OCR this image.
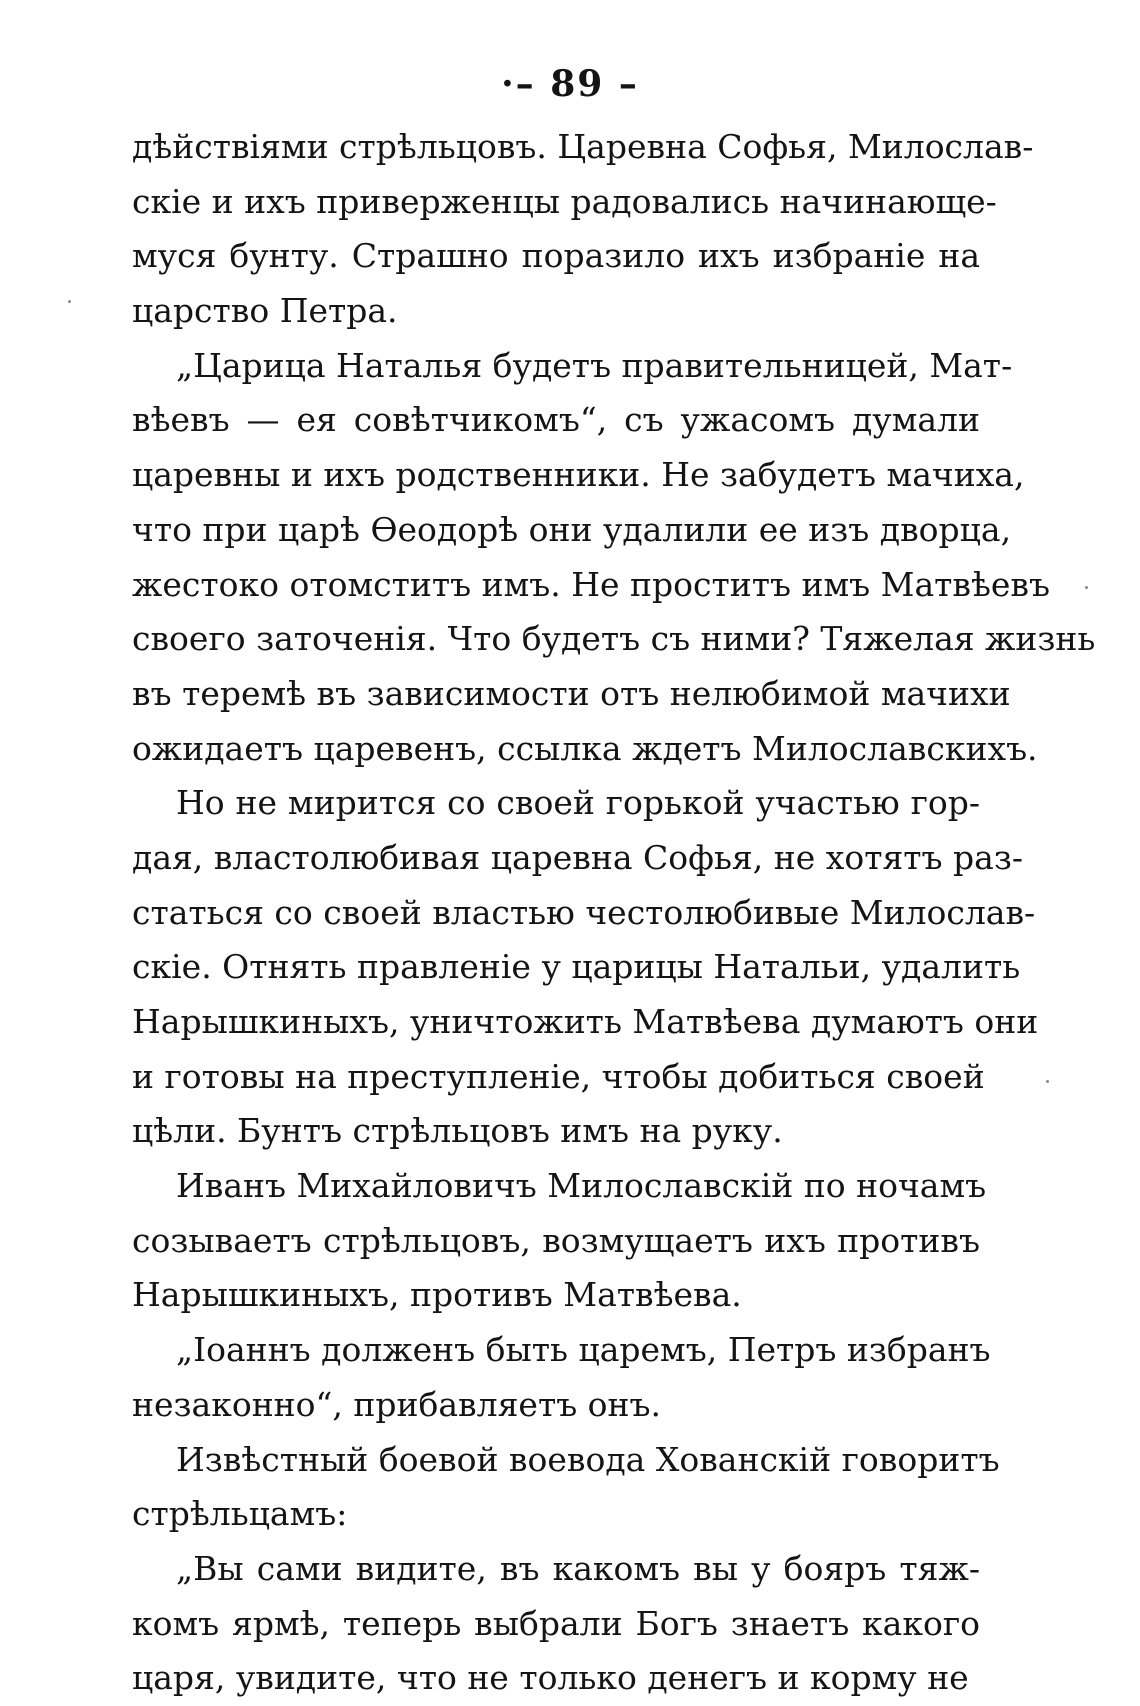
·– 89 –
дѣйствіями стрѣльцовъ. Царевна Софья, Милослав-
скіе и ихъ приверженцы радовались начинающе-
муся бунту. Страшно поразило ихъ избраніе на
царство Петра.
„Царица Наталья будетъ правительницей, Мат-
вѣевъ — ея совѣтчикомъ“, съ ужасомъ думали
царевны и ихъ родственники. Не забудетъ мачиха,
что при царѣ Ѳеодорѣ они удалили ее изъ дворца,
жестоко отомститъ имъ. Не проститъ имъ Матвѣевъ
своего заточенія. Что будетъ съ ними? Тяжелая жизнь
въ теремѣ въ зависимости отъ нелюбимой мачихи
ожидаетъ царевенъ, ссылка ждетъ Милославскихъ.
Но не мирится со своей горькой участью гор-
дая, властолюбивая царевна Софья, не хотятъ раз-
статься со своей властью честолюбивые Милослав-
скіе. Отнять правленіе у царицы Натальи, удалить
Нарышкиныхъ, уничтожить Матвѣева думаютъ они
и готовы на преступленіе, чтобы добиться своей
цѣли. Бунтъ стрѣльцовъ имъ на руку.
Иванъ Михайловичъ Милославскій по ночамъ
созываетъ стрѣльцовъ, возмущаетъ ихъ противъ
Нарышкиныхъ, противъ Матвѣева.
„Іоаннъ долженъ быть царемъ, Петръ избранъ
незаконно“, прибавляетъ онъ.
Извѣстный боевой воевода Хованскій говоритъ
стрѣльцамъ:
„Вы сами видите, въ какомъ вы у бояръ тяж-
комъ ярмѣ, теперь выбрали Богъ знаетъ какого
царя, увидите, что не только денегъ и корму не
